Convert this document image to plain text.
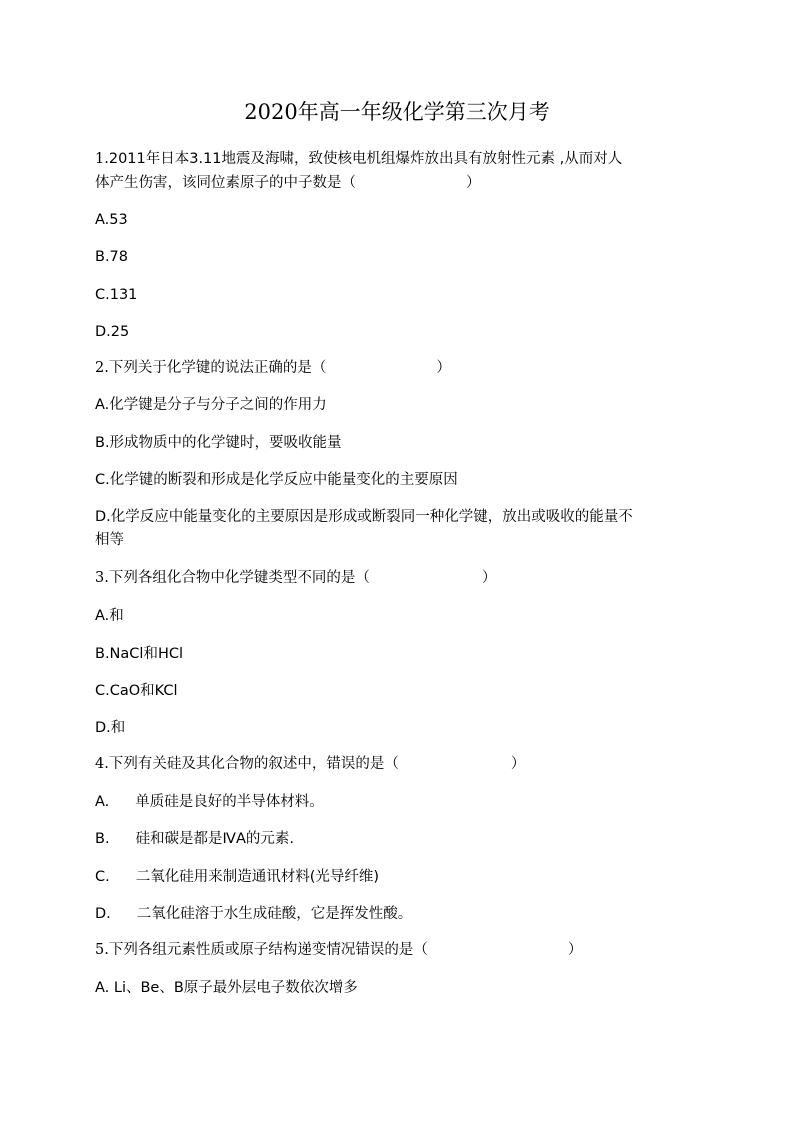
2020年高一年级化学第三次月考
1.2011年日本3.11地震及海啸，致使核电机组爆炸放出具有放射性元素 ,从而对人
体产生伤害，该同位素原子的中子数是（	）
A.53
B.78
C.131
D.25
2.下列关于化学键的说法正确的是（	）
A.化学键是分子与分子之间的作用力
B.形成物质中的化学键时，要吸收能量
C.化学键的断裂和形成是化学反应中能量变化的主要原因
D.化学反应中能量变化的主要原因是形成或断裂同一种化学键，放出或吸收的能量不
相等
3.下列各组化合物中化学键类型不同的是（	）
A.和
B.NaCl和HCl
C.CaO和KCl
D.和
4.下列有关硅及其化合物的叙述中，错误的是（	）
A. 单质硅是良好的半导体材料。
B. 硅和碳是都是ⅣA的元素.
C. 二氧化硅用来制造通讯材料(光导纤维)
D. 二氧化硅溶于水生成硅酸，它是挥发性酸。
5.下列各组元素性质或原子结构递变情况错误的是（	）
A. Li、Be、B原子最外层电子数依次增多
